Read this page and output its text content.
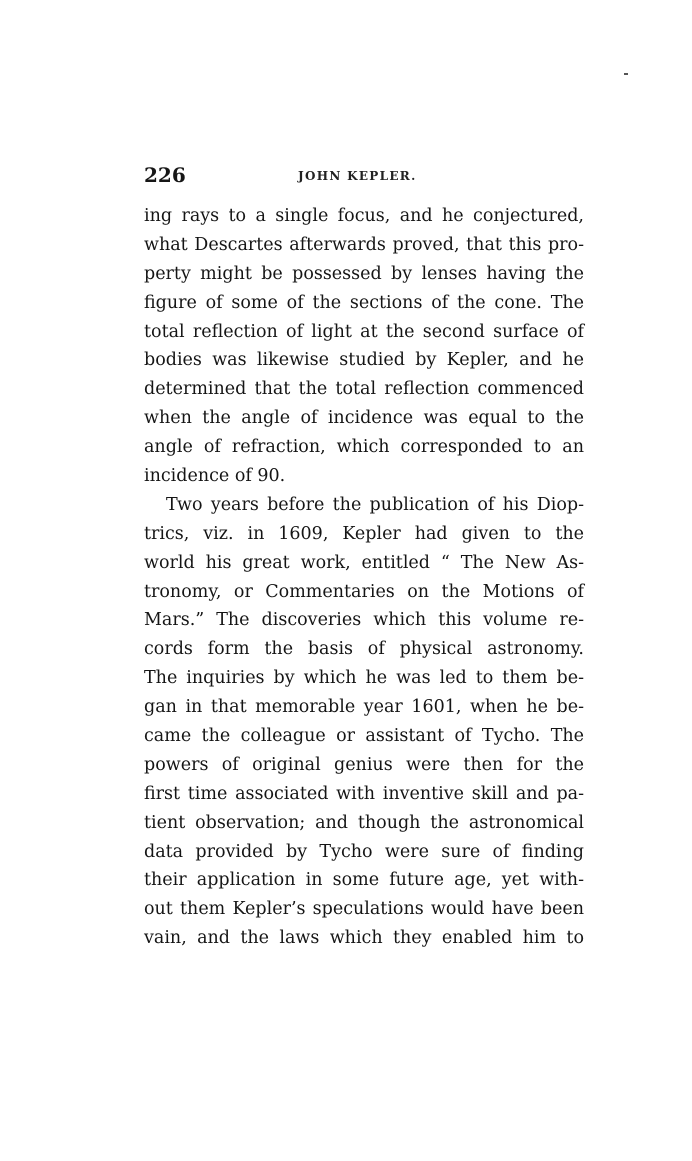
226	JOHN KEPLER.
ing rays to a single focus, and he conjectured,
what Descartes afterwards proved, that this pro-
perty might be possessed by lenses having the
figure of some of the sections of the cone. The
total reflection of light at the second surface of
bodies was likewise studied by Kepler, and he
determined that the total reflection commenced
when the angle of incidence was equal to the
angle of refraction, which corresponded to an
incidence of 90.
Two years before the publication of his Diop-
trics, viz. in 1609, Kepler had given to the
world his great work, entitled “ The New As-
tronomy, or Commentaries on the Motions of
Mars.” The discoveries which this volume re-
cords form the basis of physical astronomy.
The inquiries by which he was led to them be-
gan in that memorable year 1601, when he be-
came the colleague or assistant of Tycho. The
powers of original genius were then for the
first time associated with inventive skill and pa-
tient observation; and though the astronomical
data provided by Tycho were sure of finding
their application in some future age, yet with-
out them Kepler’s speculations would have been
vain, and the laws which they enabled him to
